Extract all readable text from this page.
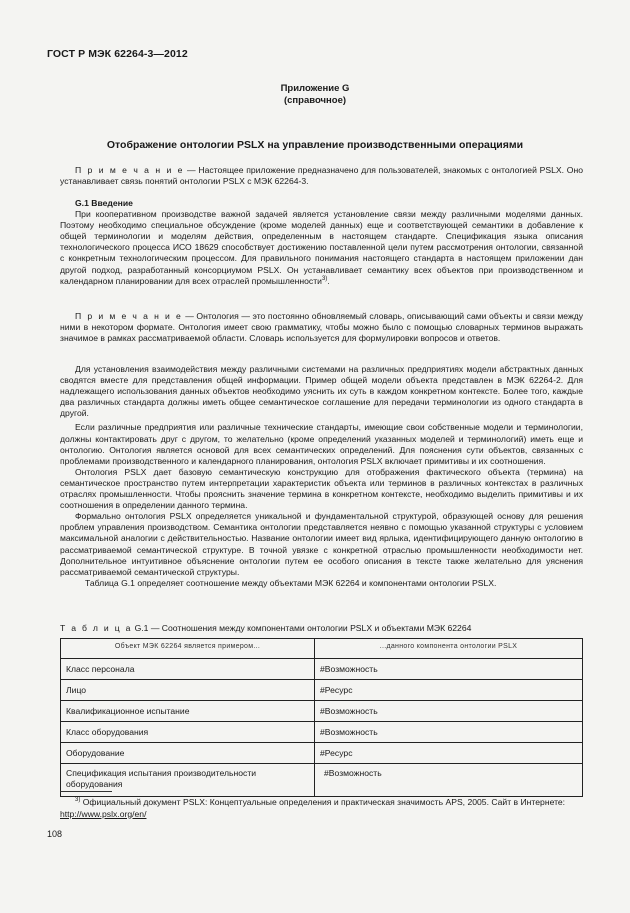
ГОСТ Р МЭК 62264-3—2012
Приложение G
(справочное)
Отображение онтологии PSLX на управление производственными операциями

П р и м е ч а н и е — Настоящее приложение предназначено для пользователей, знакомых с онтологией PSLX. Оно устанавливает связь понятий онтологии PSLX с МЭК 62264-3.

G.1 Введение

При кооперативном производстве важной задачей является установление связи между различными моделями данных. Поэтому необходимо специальное обсуждение (кроме моделей данных) еще и соответствующей семантики в добавление к общей терминологии и моделям действия, определенным в настоящем стандарте. Спецификация языка описания технологического процесса ИСО 18629 способствует достижению поставленной цели путем рассмотрения онтологии, связанной с конкретным технологическим процессом. Для правильного понимания настоящего стандарта в настоящем приложении дан другой подход, разработанный консорциумом PSLX. Он устанавливает семантику всех объектов при производственном и календарном планировании для всех отраслей промышленности$^{3)}$.

П р и м е ч а н и е — Онтология — это постоянно обновляемый словарь, описывающий сами объекты и связи между ними в некотором формате. Онтология имеет свою грамматику, чтобы можно было с помощью словарных терминов выражать значимое в рамках рассматриваемой области. Словарь используется для формулировки вопросов и ответов.

Для установления взаимодействия между различными системами на различных предприятиях модели абстрактных данных сводятся вместе для представления общей информации. Пример общей модели объекта представлен в МЭК 62264-2. Для надлежащего использования данных объектов необходимо уяснить их суть в каждом конкретном контексте. Более того, каждые два различных стандарта должны иметь общее семантическое соглашение для передачи терминологии из одного стандарта в другой.

Если различные предприятия или различные технические стандарты, имеющие свои собственные модели и терминологии, должны контактировать друг с другом, то желательно (кроме определений указанных моделей и терминологий) иметь еще и онтологию. Онтология является основой для всех семантических определений. Для пояснения сути объектов, связанных с проблемами производственного и календарного планирования, онтология PSLX включает примитивы и их соотношения.

Онтология PSLX дает базовую семантическую конструкцию для отображения фактического объекта (термина) на семантическое пространство путем интерпретации характеристик объекта или терминов в различных контекстах в различных отраслях промышленности. Чтобы прояснить значение термина в конкретном контексте, необходимо выделить примитивы и их соотношения в определении данного термина.

Формально онтология PSLX определяется уникальной и фундаментальной структурой, образующей основу для решения проблем управления производством. Семантика онтологии представляется неявно с помощью указанной структуры с условием максимальной аналогии с действительностью. Название онтологии имеет вид ярлыка, идентифицирующего данную онтологию в рассматриваемой семантической структуре. В точной увязке с конкретной отраслью промышленности необходимости нет. Дополнительное интуитивное объяснение онтологии путем ее особого описания в тексте также желательно для уяснения рассматриваемой семантической структуры.

Таблица G.1 определяет соотношение между объектами МЭК 62264 и компонентами онтологии PSLX.

Т а б л и ц а G.1 — Соотношения между компонентами онтологии PSLX и объектами МЭК 62264
Объект МЭК 62264 является примером...	...данного компонента онтологии PSLX
Класс персонала	#Возможность
Лицо	#Ресурс
Квалификационное испытание	#Возможность
Класс оборудования	#Возможность
Оборудование	#Ресурс
Спецификация испытания производительности оборудования	#Возможность
$^{3)}$ Официальный документ PSLX: Концептуальные определения и практическая значимость APS, 2005. Сайт в Интернете: http://www.pslx.org/en/
108
